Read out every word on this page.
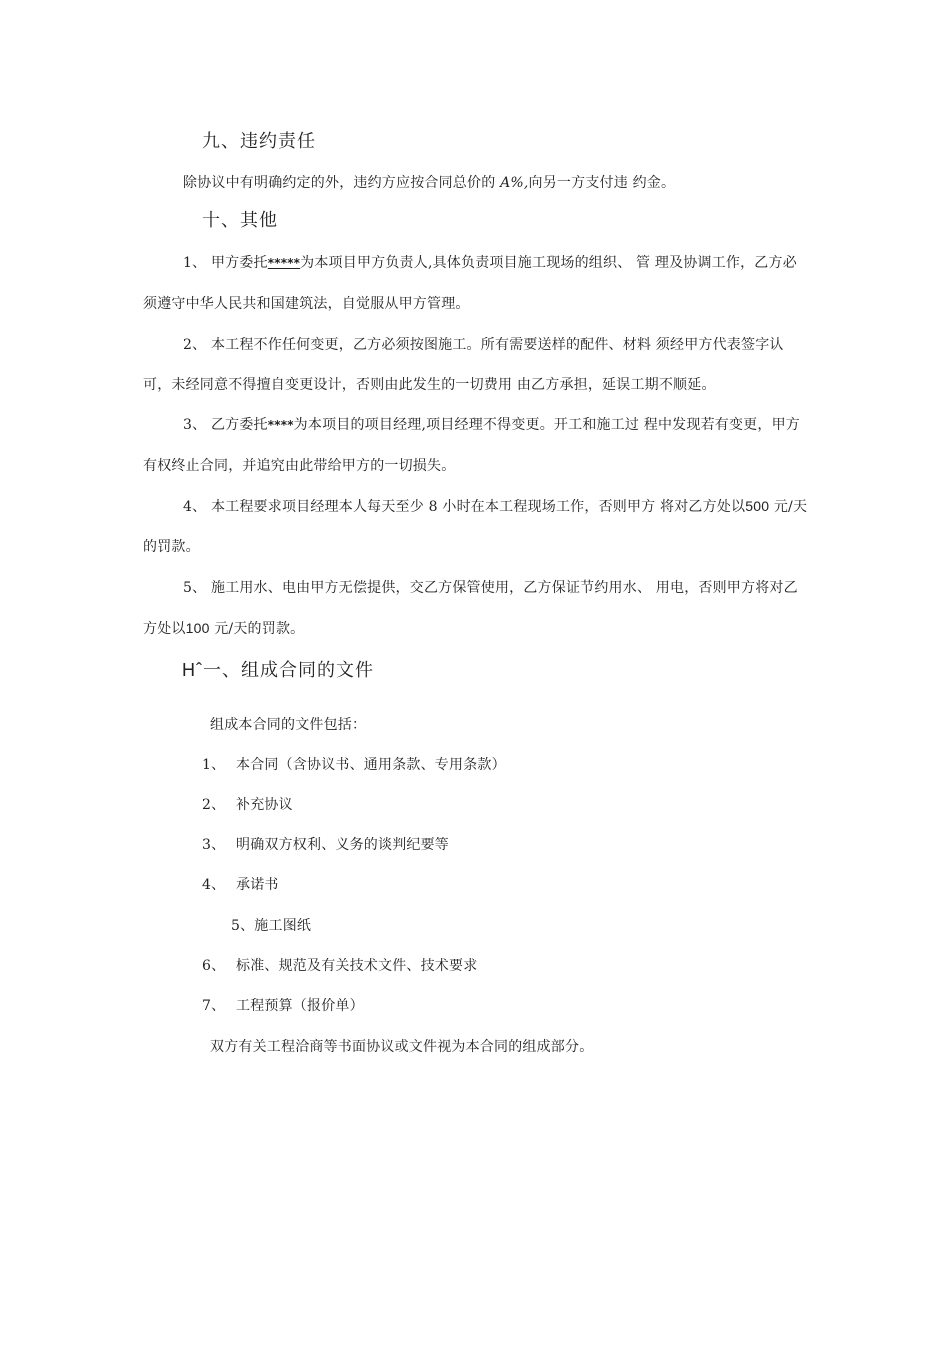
九、违约责任
除协议中有明确约定的外，违约方应按合同总价的 A%,向另一方支付违 约金。
十、其他
1、 甲方委托*****为本项目甲方负责人,具体负责项目施工现场的组织、 管 理及协调工作，乙方必
须遵守中华人民共和国建筑法，自觉服从甲方管理。
2、 本工程不作任何变更，乙方必须按图施工。所有需要送样的配件、材料 须经甲方代表签字认
可，未经同意不得擅自变更设计，否则由此发生的一切费用 由乙方承担，延误工期不顺延。
3、 乙方委托****为本项目的项目经理,项目经理不得变更。开工和施工过 程中发现若有变更，甲方
有权终止合同，并追究由此带给甲方的一切损失。
4、 本工程要求项目经理本人每天至少 8 小时在本工程现场工作，否则甲方 将对乙方处以500 元/天
的罚款。
5、 施工用水、电由甲方无偿提供，交乙方保管使用，乙方保证节约用水、 用电，否则甲方将对乙
方处以100 元/天的罚款。
Hˆ一、组成合同的文件
组成本合同的文件包括：
1、 本合同（含协议书、通用条款、专用条款）
2、 补充协议
3、 明确双方权利、义务的谈判纪要等
4、 承诺书
5、施工图纸
6、 标准、规范及有关技术文件、技术要求
7、 工程预算（报价单）
双方有关工程洽商等书面协议或文件视为本合同的组成部分。
